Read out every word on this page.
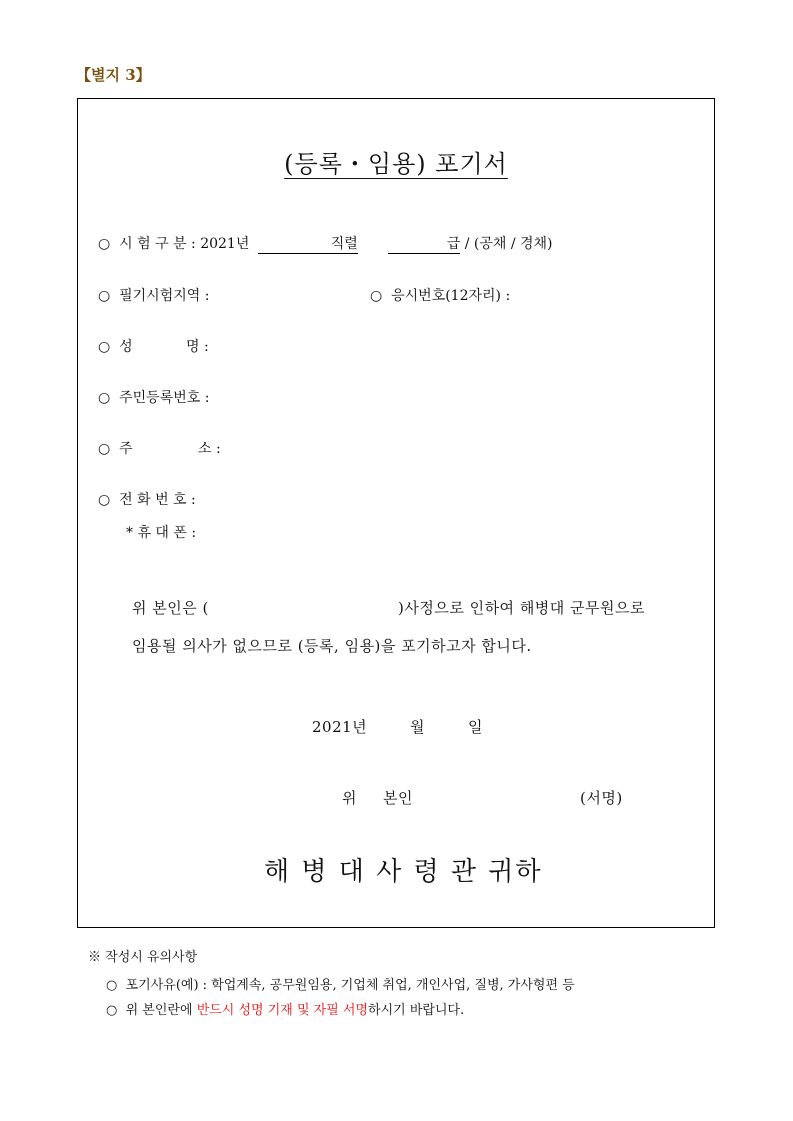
【별지 3】
(등록・임용) 포기서
○ 시 험 구 분 : 2021년	직렬	급 / (공채 / 경채)
○ 필기시험지역 :	○ 응시번호(12자리) :
○ 성	명 :
○ 주민등록번호 :
○ 주	소 :
○ 전 화 번 호 :
* 휴 대 폰 :
위 본인은 (	)사정으로 인하여 해병대 군무원으로
임용될 의사가 없으므로 (등록, 임용)을 포기하고자 합니다.
2021년	월	일
위 본인	(서명)
해 병 대 사 령 관 귀하
※ 작성시 유의사항
○ 포기사유(예) : 학업계속, 공무원임용, 기업체 취업, 개인사업, 질병, 가사형편 등
○ 위 본인란에 반드시 성명 기재 및 자필 서명하시기 바랍니다.
